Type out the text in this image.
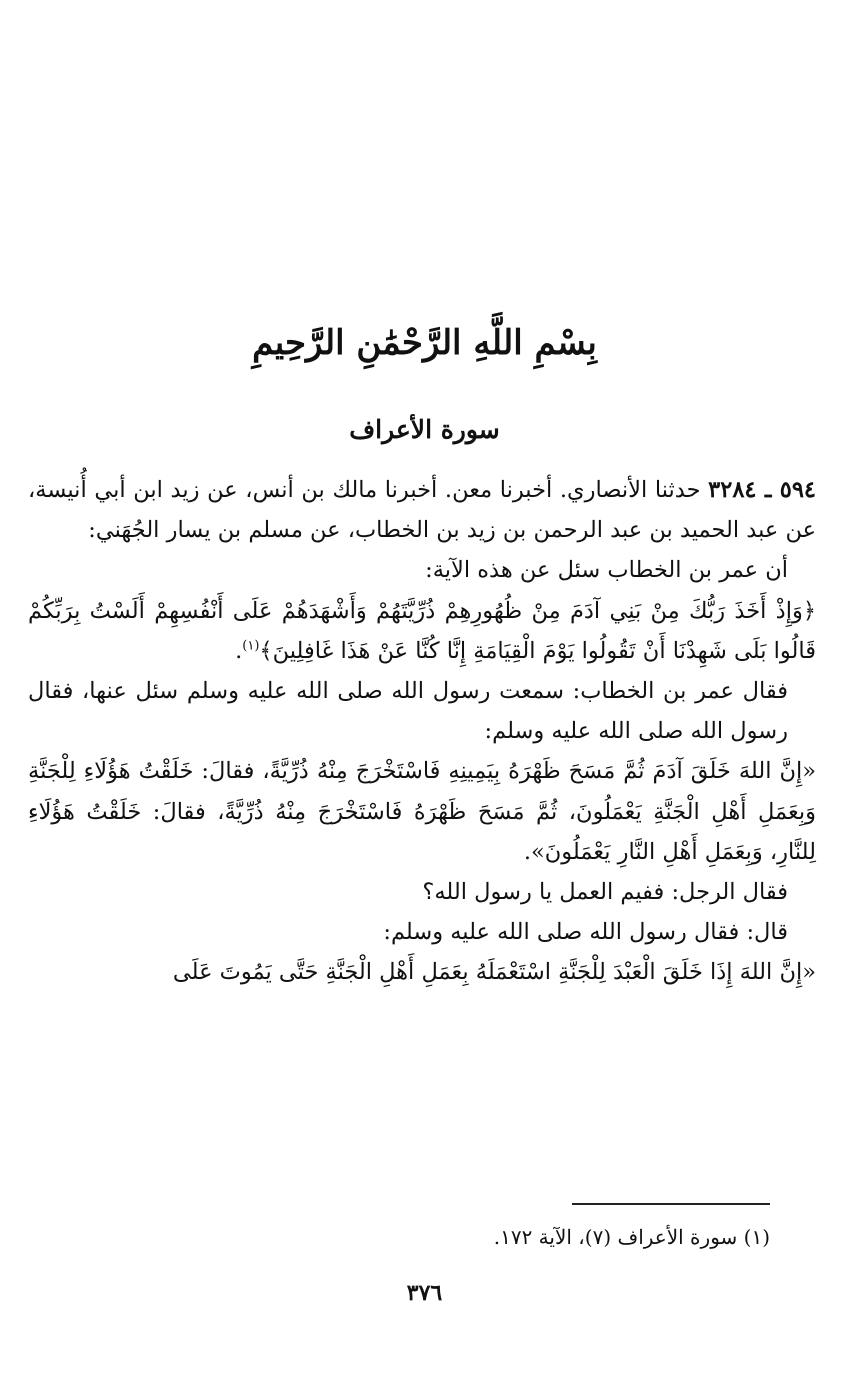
بِسْمِ اللَّهِ الرَّحْمَٰنِ الرَّحِيمِ
سورة الأعراف

٥٩٤ ـ ٣٢٨٤ حدثنا الأنصاري. أخبرنا معن. أخبرنا مالك بن أنس، عن زيد ابن أبي أُنيسة، عن عبد الحميد بن عبد الرحمن بن زيد بن الخطاب، عن مسلم بن يسار الجُهَني:

أن عمر بن الخطاب سئل عن هذه الآية:

﴿وَإِذْ أَخَذَ رَبُّكَ مِنْ بَنِي آدَمَ مِنْ ظُهُورِهِمْ ذُرِّيَّتَهُمْ وَأَشْهَدَهُمْ عَلَى أَنْفُسِهِمْ أَلَسْتُ بِرَبِّكُمْ قَالُوا بَلَى شَهِدْنَا أَنْ تَقُولُوا يَوْمَ الْقِيَامَةِ إِنَّا كُنَّا عَنْ هَذَا غَافِلِينَ﴾$^{(١)}$.

فقال عمر بن الخطاب: سمعت رسول الله صلى الله عليه وسلم سئل عنها، فقال رسول الله صلى الله عليه وسلم:

«إِنَّ اللهَ خَلَقَ آدَمَ ثُمَّ مَسَحَ ظَهْرَهُ بِيَمِينِهِ فَاسْتَخْرَجَ مِنْهُ ذُرِّيَّةً، فقالَ: خَلَقْتُ هَؤُلَاءِ لِلْجَنَّةِ وَبِعَمَلِ أَهْلِ الْجَنَّةِ يَعْمَلُونَ، ثُمَّ مَسَحَ ظَهْرَهُ فَاسْتَخْرَجَ مِنْهُ ذُرِّيَّةً، فقالَ: خَلَقْتُ هَؤُلَاءِ لِلنَّارِ، وَبِعَمَلِ أَهْلِ النَّارِ يَعْمَلُونَ».

فقال الرجل: ففيم العمل يا رسول الله؟

قال: فقال رسول الله صلى الله عليه وسلم:

«إِنَّ اللهَ إِذَا خَلَقَ الْعَبْدَ لِلْجَنَّةِ اسْتَعْمَلَهُ بِعَمَلِ أَهْلِ الْجَنَّةِ حَتَّى يَمُوتَ عَلَى

(١) سورة الأعراف (٧)، الآية ١٧٢.
٣٧٦
